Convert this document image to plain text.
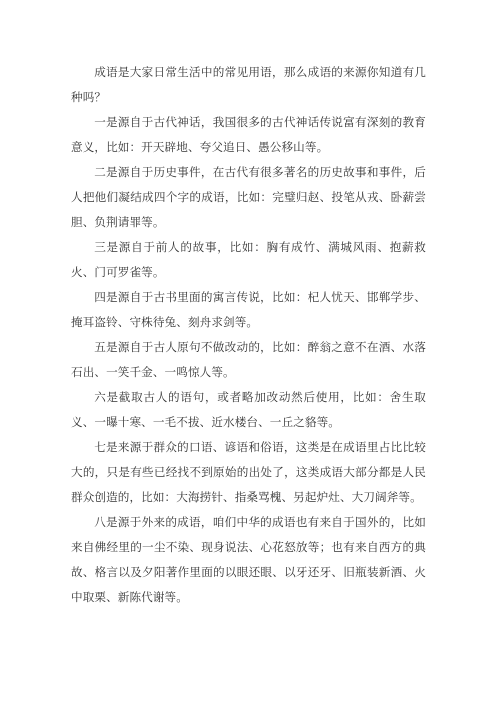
成语是大家日常生活中的常见用语，那么成语的来源你知道有几种吗？

一是源自于古代神话，我国很多的古代神话传说富有深刻的教育意义，比如：开天辟地、夸父追日、愚公移山等。

二是源自于历史事件，在古代有很多著名的历史故事和事件，后人把他们凝结成四个字的成语，比如：完璧归赵、投笔从戎、卧薪尝胆、负荆请罪等。

三是源自于前人的故事，比如：胸有成竹、满城风雨、抱薪救火、门可罗雀等。

四是源自于古书里面的寓言传说，比如：杞人忧天、邯郸学步、掩耳盗铃、守株待兔、刻舟求剑等。

五是源自于古人原句不做改动的，比如：醉翁之意不在酒、水落石出、一笑千金、一鸣惊人等。

六是截取古人的语句，或者略加改动然后使用，比如：舍生取义、一曝十寒、一毛不拔、近水楼台、一丘之貉等。

七是来源于群众的口语、谚语和俗语，这类是在成语里占比比较大的，只是有些已经找不到原始的出处了，这类成语大部分都是人民群众创造的，比如：大海捞针、指桑骂槐、另起炉灶、大刀阔斧等。

八是源于外来的成语，咱们中华的成语也有来自于国外的，比如来自佛经里的一尘不染、现身说法、心花怒放等；也有来自西方的典故、格言以及夕阳著作里面的以眼还眼、以牙还牙、旧瓶装新酒、火中取栗、新陈代谢等。
